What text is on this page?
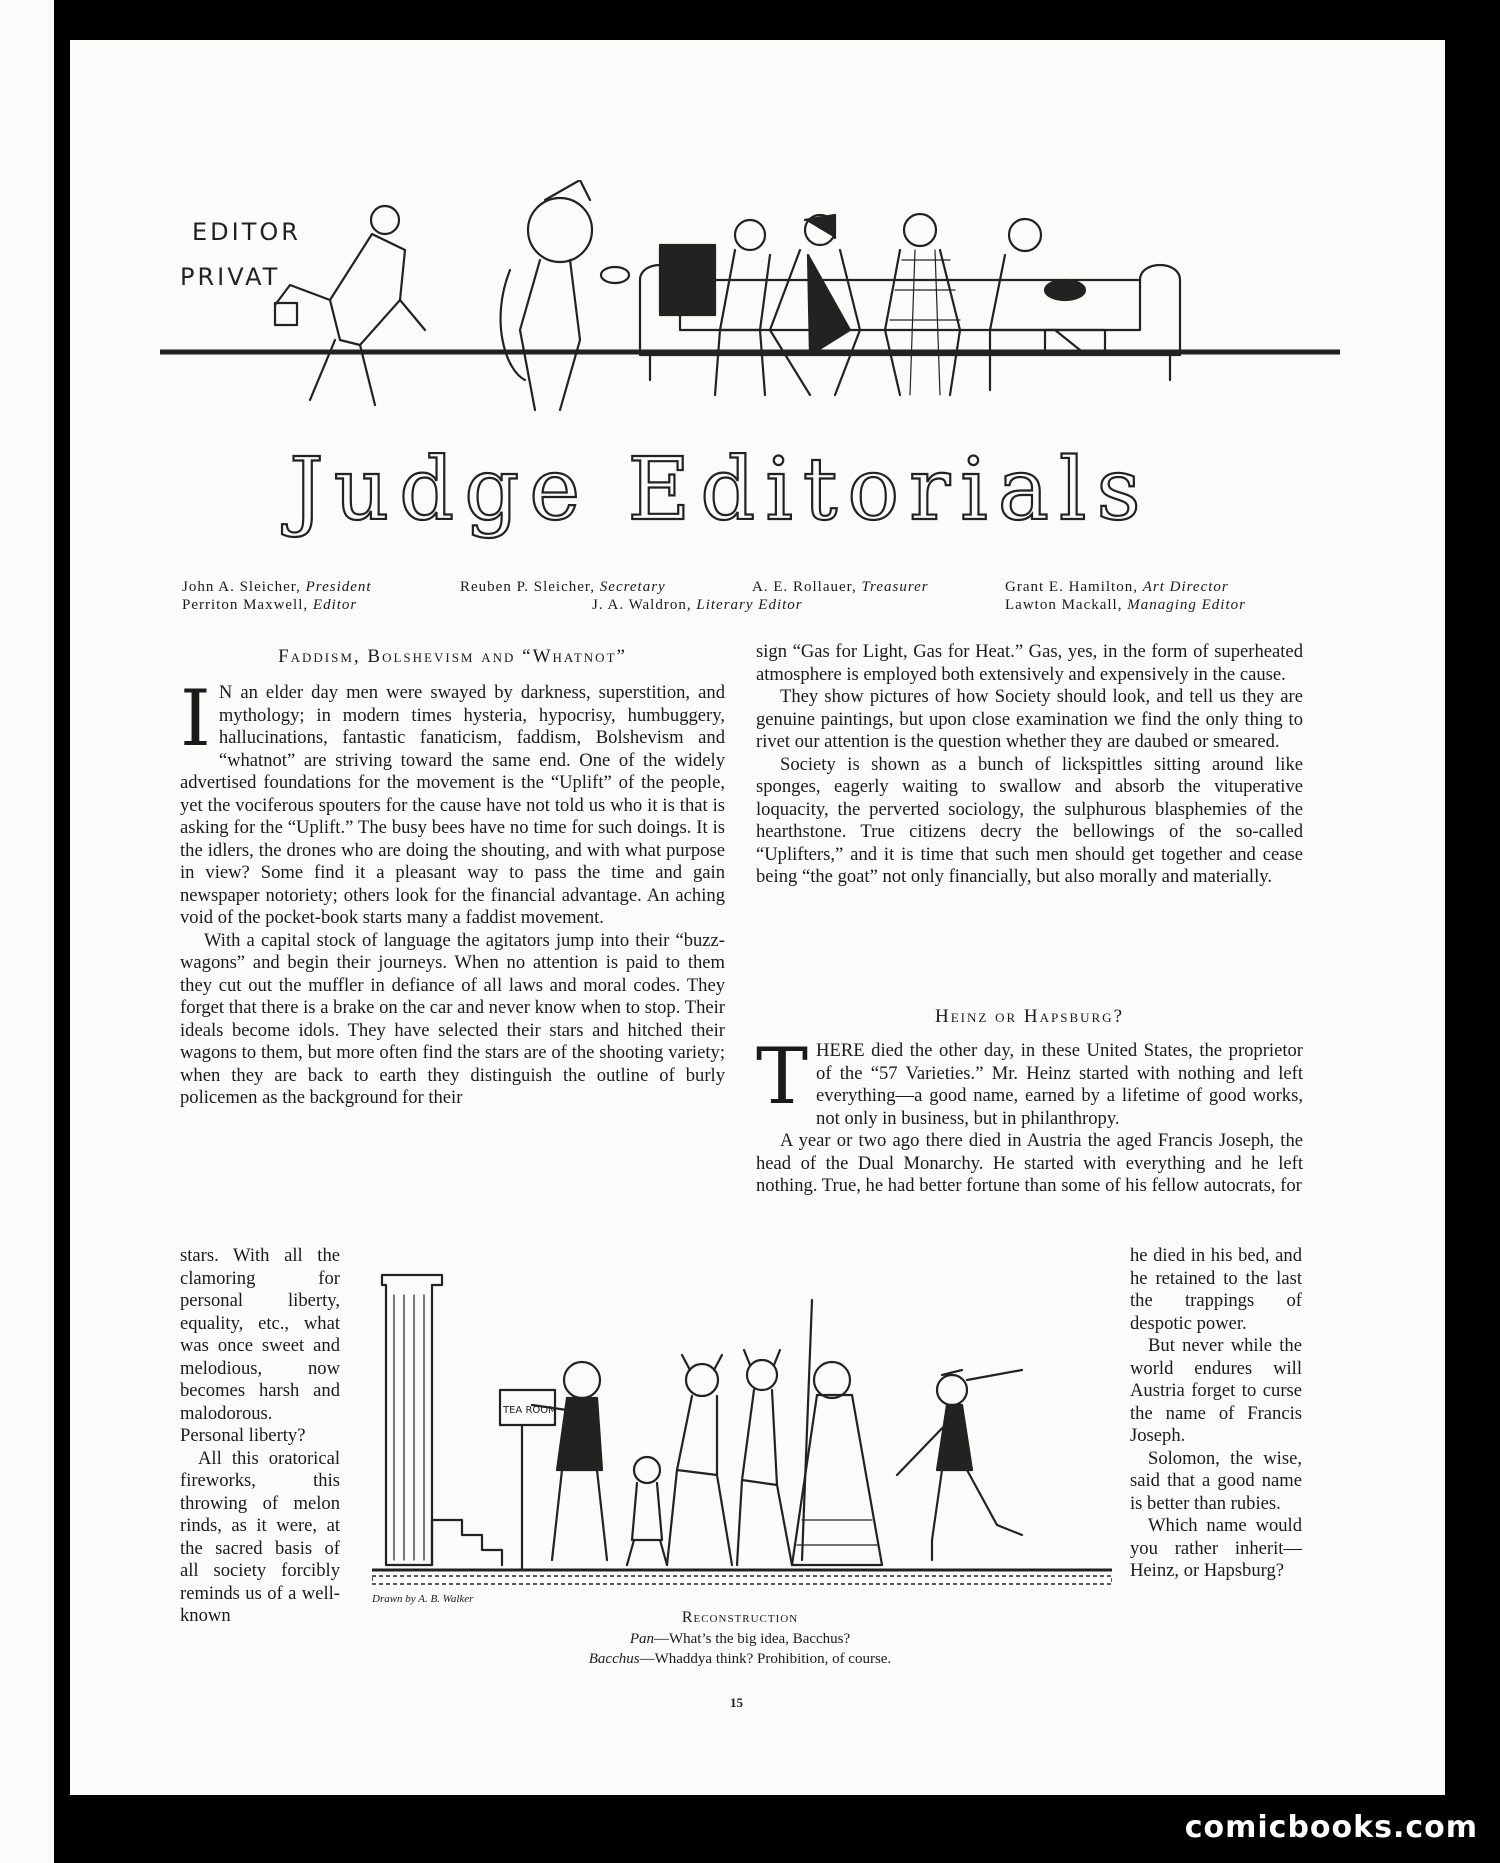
EDITOR
PRIVAT
Judge Editorials
John A. Sleicher, President	Reuben P. Sleicher, Secretary	A. E. Rollauer, Treasurer	Grant E. Hamilton, Art Director
Perriton Maxwell, Editor	J. A. Waldron, Literary Editor	Lawton Mackall, Managing Editor
Faddism, Bolshevism and “Whatnot”

I N an elder day men were swayed by darkness, superstition, and mythology; in modern times hysteria, hypocrisy, humbuggery, hallucinations, fantastic fanaticism, faddism, Bolshevism and “whatnot” are striving toward the same end. One of the widely advertised foundations for the movement is the “Uplift” of the people, yet the vociferous spouters for the cause have not told us who it is that is asking for the “Uplift.” The busy bees have no time for such doings. It is the idlers, the drones who are doing the shouting, and with what purpose in view? Some find it a pleasant way to pass the time and gain newspaper notoriety; others look for the financial advantage. An aching void of the pocket-book starts many a faddist movement.

With a capital stock of language the agitators jump into their “buzz-wagons” and begin their journeys. When no attention is paid to them they cut out the muffler in defiance of all laws and moral codes. They forget that there is a brake on the car and never know when to stop. Their ideals become idols. They have selected their stars and hitched their wagons to them, but more often find the stars are of the shooting variety; when they are back to earth they distinguish the outline of burly policemen as the background for their

stars. With all the clamoring for personal liberty, equality, etc., what was once sweet and melodious, now becomes harsh and malodorous. Personal liberty?

All this oratorical fireworks, this throwing of melon rinds, as it were, at the sacred basis of all society forcibly reminds us of a well-known

sign “Gas for Light, Gas for Heat.” Gas, yes, in the form of superheated atmosphere is employed both extensively and expensively in the cause.

They show pictures of how Society should look, and tell us they are genuine paintings, but upon close examination we find the only thing to rivet our attention is the question whether they are daubed or smeared.

Society is shown as a bunch of lickspittles sitting around like sponges, eagerly waiting to swallow and absorb the vituperative loquacity, the perverted sociology, the sulphurous blasphemies of the hearthstone. True citizens decry the bellowings of the so-called “Uplifters,” and it is time that such men should get together and cease being “the goat” not only financially, but also morally and materially.

Heinz or Hapsburg?

THERE died the other day, in these United States, the proprietor of the “57 Varieties.” Mr. Heinz started with nothing and left everything—a good name, earned by a lifetime of good works, not only in business, but in philanthropy.

A year or two ago there died in Austria the aged Francis Joseph, the head of the Dual Monarchy. He started with everything and he left nothing. True, he had better fortune than some of his fellow autocrats, for

he died in his bed, and he retained to the last the trappings of despotic power.

But never while the world endures will Austria forget to curse the name of Francis Joseph.

Solomon, the wise, said that a good name is better than rubies.

Which name would you rather inherit—Heinz, or Hapsburg?

TEA ROOM
Drawn by A. B. Walker
Reconstruction
Pan—What’s the big idea, Bacchus?
Bacchus—Whaddya think? Prohibition, of course.
15
comicbooks.com
